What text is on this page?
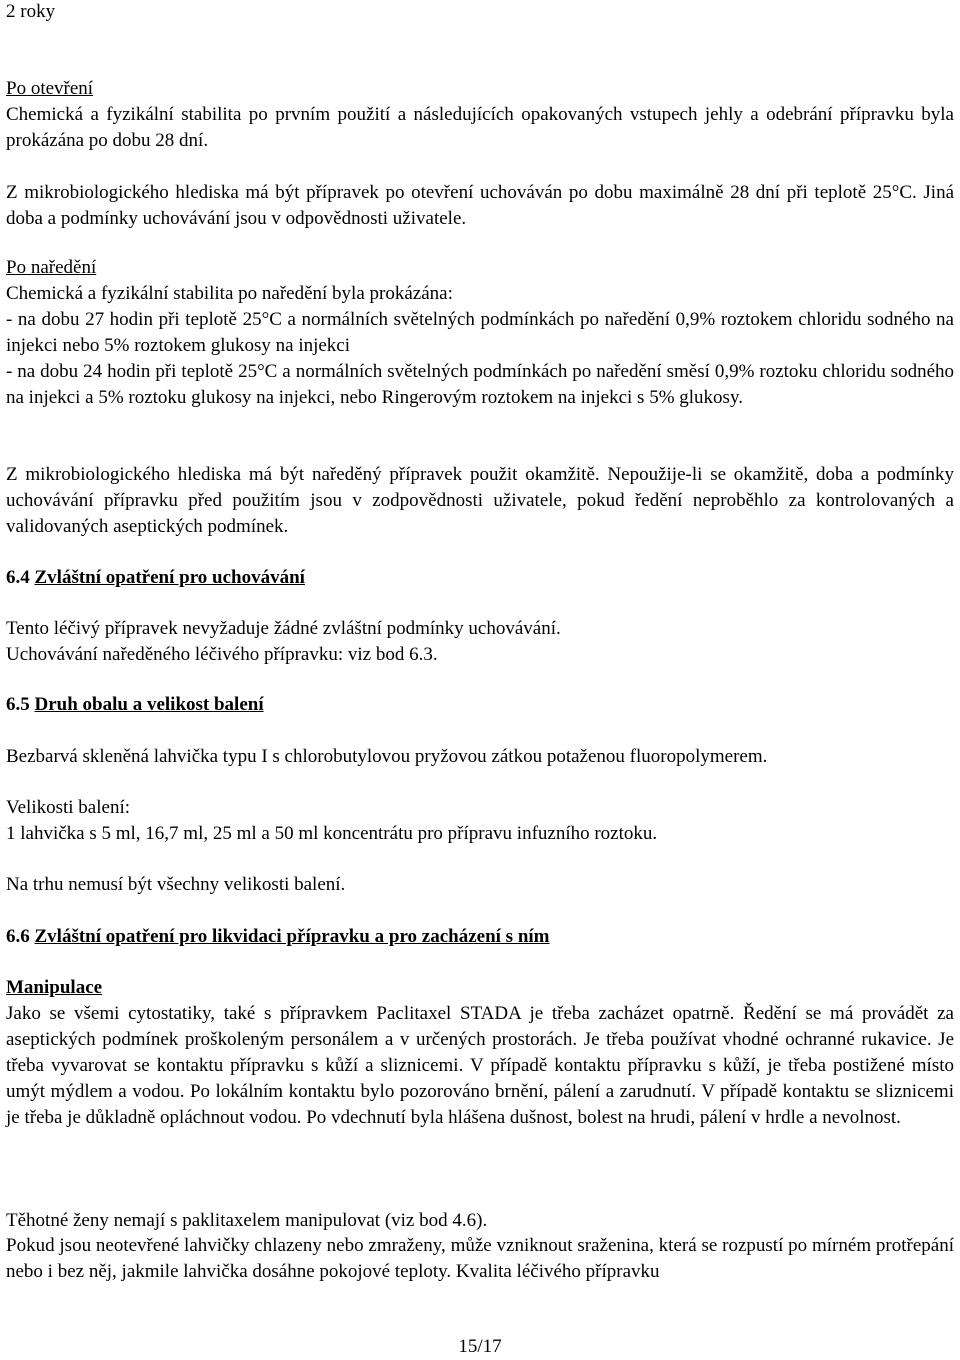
2 roky

Po otevření

Chemická a fyzikální stabilita po prvním použití a následujících opakovaných vstupech jehly a odebrání přípravku byla prokázána po dobu 28 dní.

Z mikrobiologického hlediska má být přípravek po otevření uchováván po dobu maximálně 28 dní při teplotě 25°C. Jiná doba a podmínky uchovávání jsou v odpovědnosti uživatele.

Po naředění

Chemická a fyzikální stabilita po naředění byla prokázána:

- na dobu 27 hodin při teplotě 25°C a normálních světelných podmínkách po naředění 0,9% roztokem chloridu sodného na injekci nebo 5% roztokem glukosy na injekci

- na dobu 24 hodin při teplotě 25°C a normálních světelných podmínkách po naředění směsí 0,9% roztoku chloridu sodného na injekci a 5% roztoku glukosy na injekci, nebo Ringerovým roztokem na injekci s 5% glukosy.

Z mikrobiologického hlediska má být naředěný přípravek použit okamžitě. Nepoužije-li se okamžitě, doba a podmínky uchovávání přípravku před použitím jsou v zodpovědnosti uživatele, pokud ředění neproběhlo za kontrolovaných a validovaných aseptických podmínek.

6.4 Zvláštní opatření pro uchovávání

Tento léčivý přípravek nevyžaduje žádné zvláštní podmínky uchovávání.

Uchovávání naředěného léčivého přípravku: viz bod 6.3.

6.5 Druh obalu a velikost balení

Bezbarvá skleněná lahvička typu I s chlorobutylovou pryžovou zátkou potaženou fluoropolymerem.

Velikosti balení:

1 lahvička s 5 ml, 16,7 ml, 25 ml a 50 ml koncentrátu pro přípravu infuzního roztoku.

Na trhu nemusí být všechny velikosti balení.

6.6 Zvláštní opatření pro likvidaci přípravku a pro zacházení s ním

Manipulace

Jako se všemi cytostatiky, také s přípravkem Paclitaxel STADA je třeba zacházet opatrně. Ředění se má provádět za aseptických podmínek proškoleným personálem a v určených prostorách. Je třeba používat vhodné ochranné rukavice. Je třeba vyvarovat se kontaktu přípravku s kůží a sliznicemi. V případě kontaktu přípravku s kůží, je třeba postižené místo umýt mýdlem a vodou. Po lokálním kontaktu bylo pozorováno brnění, pálení a zarudnutí. V případě kontaktu se sliznicemi je třeba je důkladně opláchnout vodou. Po vdechnutí byla hlášena dušnost, bolest na hrudi, pálení v hrdle a nevolnost.

Těhotné ženy nemají s paklitaxelem manipulovat (viz bod 4.6).

Pokud jsou neotevřené lahvičky chlazeny nebo zmraženy, může vzniknout sraženina, která se rozpustí po mírném protřepání nebo i bez něj, jakmile lahvička dosáhne pokojové teploty. Kvalita léčivého přípravku

15/17
